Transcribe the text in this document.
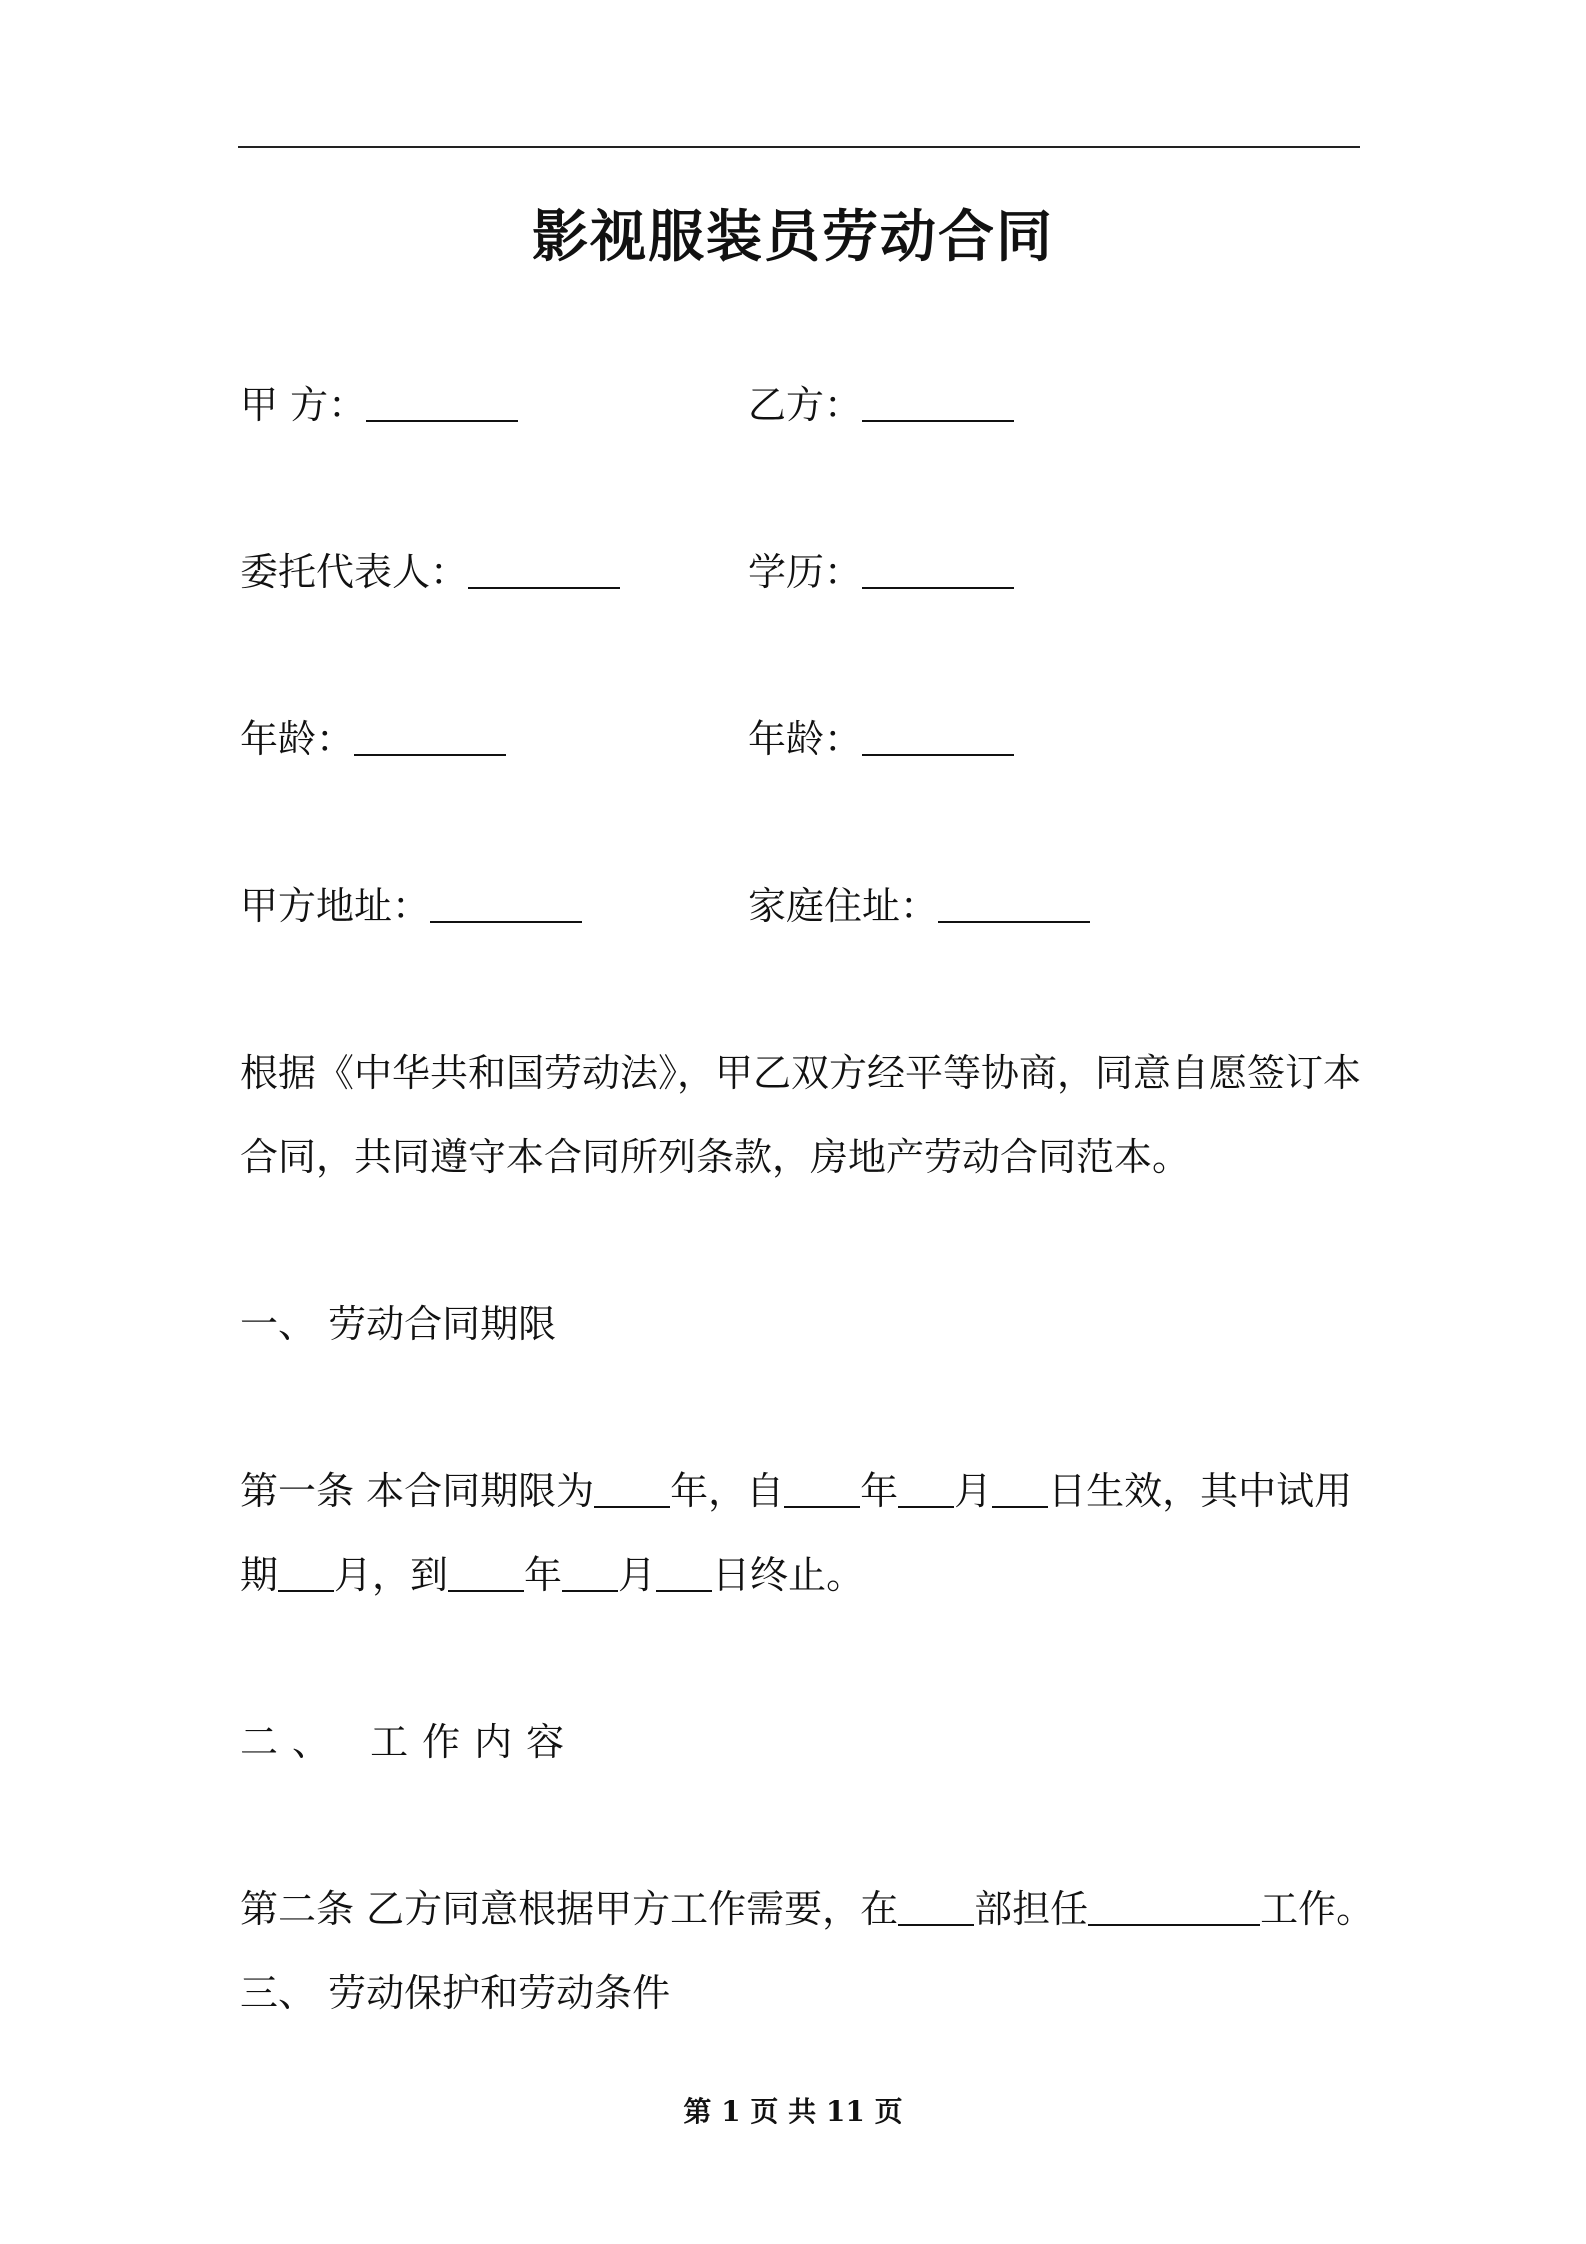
影视服装员劳动合同
甲 方：	乙方：
委托代表人：	学历：
年龄：	年龄：
甲方地址：	家庭住址：
根据《中华共和国劳动法》，甲乙双方经平等协商，同意自愿签订本
合同，共同遵守本合同所列条款，房地产劳动合同范本。
一、 劳动合同期限
第一条 本合同期限为 年，自 年 月 日生效，其中试用
期 月，到 年 月 日终止。
二、 工作内容
第二条 乙方同意根据甲方工作需要，在 部担任	工作。
三、 劳动保护和劳动条件
第 1 页 共 11 页
